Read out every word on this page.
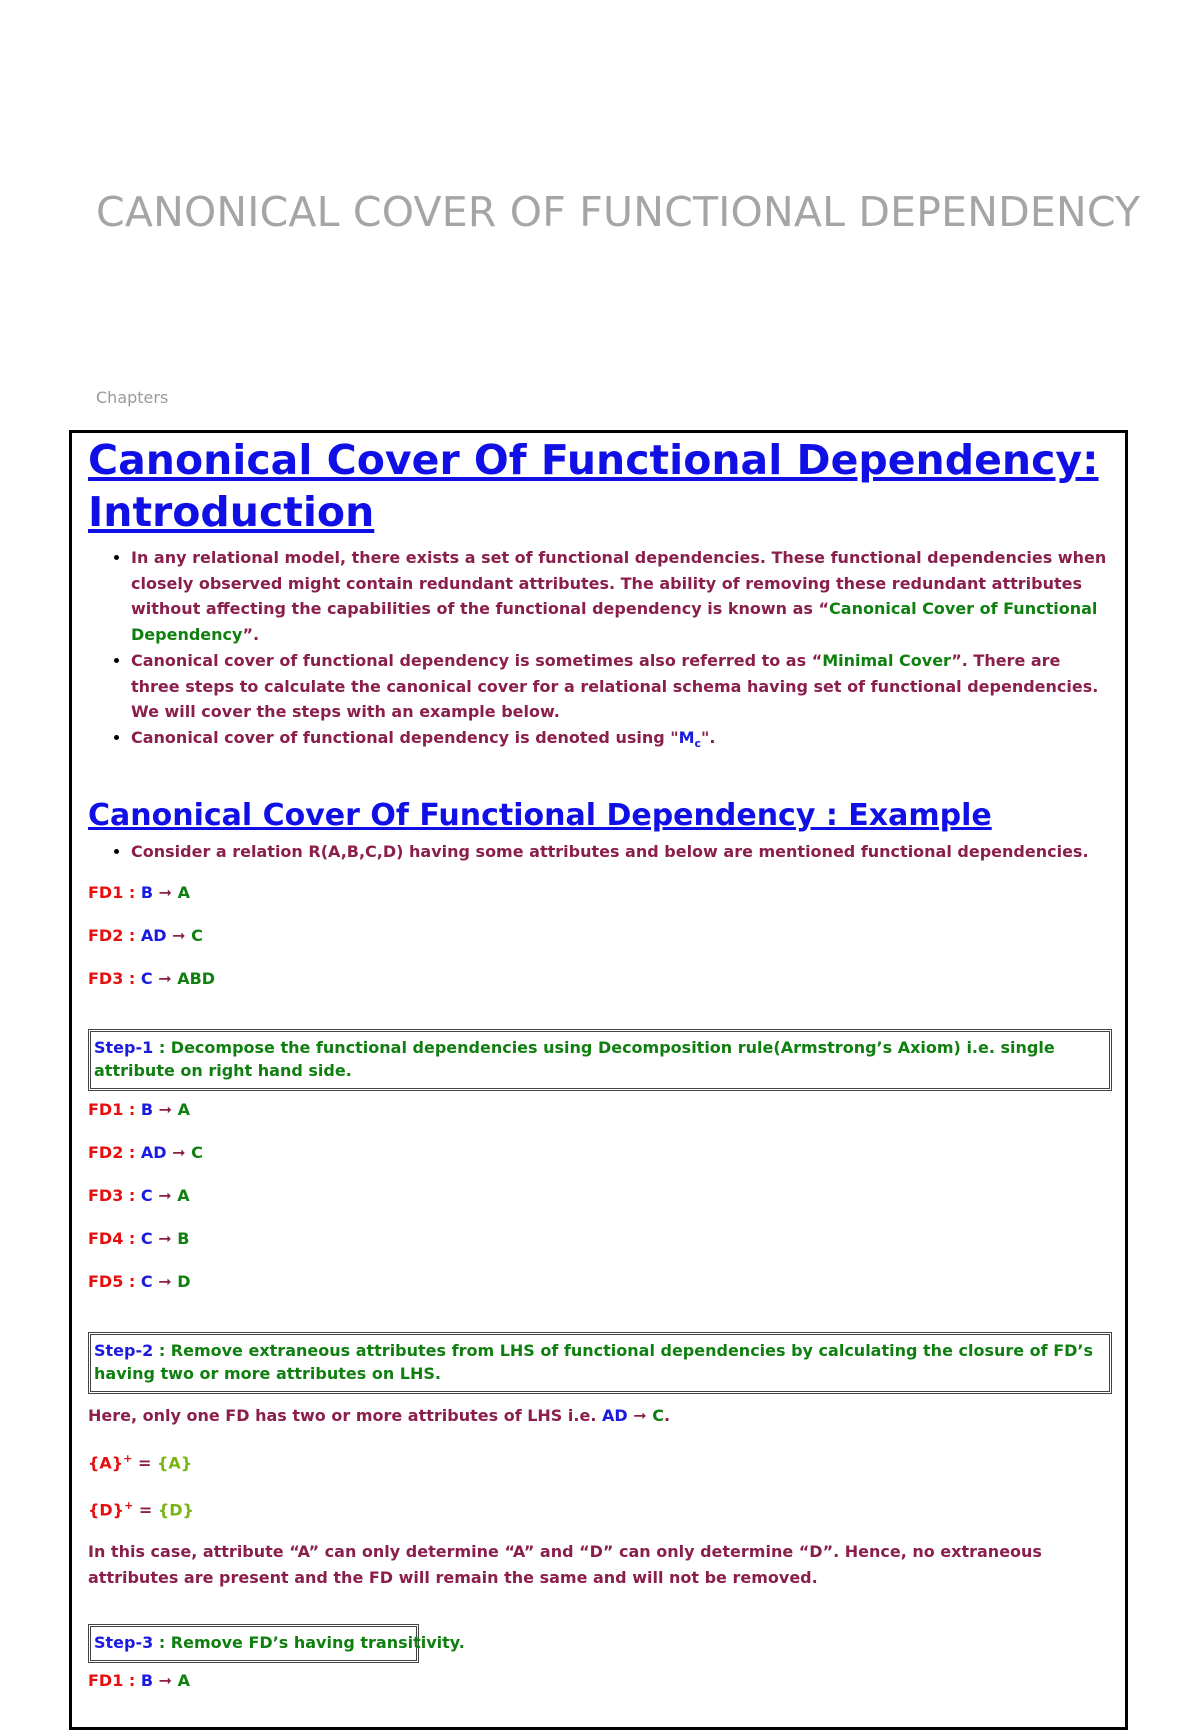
CANONICAL COVER OF FUNCTIONAL DEPENDENCY
Chapters
Canonical Cover Of Functional Dependency: Introduction
• In any relational model, there exists a set of functional dependencies. These functional dependencies when closely observed might contain redundant attributes. The ability of removing these redundant attributes without affecting the capabilities of the functional dependency is known as “Canonical Cover of Functional Dependency”.
• Canonical cover of functional dependency is sometimes also referred to as “Minimal Cover”. There are three steps to calculate the canonical cover for a relational schema having set of functional dependencies. We will cover the steps with an example below.
• Canonical cover of functional dependency is denoted using "$M_c$".
Canonical Cover Of Functional Dependency : Example
• Consider a relation R(A,B,C,D) having some attributes and below are mentioned functional dependencies.

FD1 : B ➞ A

FD2 : AD ➞ C

FD3 : C ➞ ABD

Step-1 : Decompose the functional dependencies using Decomposition rule(Armstrong’s Axiom) i.e. single attribute on right hand side.

FD1 : B ➞ A

FD2 : AD ➞ C

FD3 : C ➞ A

FD4 : C ➞ B

FD5 : C ➞ D

Step-2 : Remove extraneous attributes from LHS of functional dependencies by calculating the closure of FD’s having two or more attributes on LHS.

Here, only one FD has two or more attributes of LHS i.e. AD ➞ C.

{A}+ = {A}

{D}+ = {D}

In this case, attribute “A” can only determine “A” and “D” can only determine “D”. Hence, no extraneous attributes are present and the FD will remain the same and will not be removed.

Step-3 : Remove FD’s having transitivity.

FD1 : B ➞ A
